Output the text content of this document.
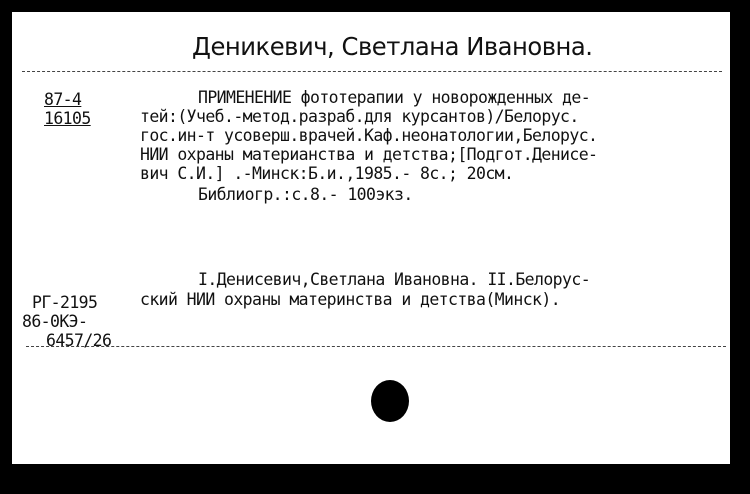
Деникевич, Светлана Ивановна.
87-4
16105
ПРИМЕНЕНИЕ фототерапии у новорожденных де-
тей:(Учеб.-метод.разраб.для курсантов)/Белорус.
гос.ин-т усоверш.врачей.Каф.неонатологии,Белорус.
НИИ охраны материанства и детства;[Подгот.Денисе-
вич С.И.] .-Минск:Б.и.,1985.- 8с.; 20см.
Библиогр.:с.8.- 100экз.
I.Денисевич,Светлана Ивановна. II.Белорус-
ский НИИ охраны материнства и детства(Минск).
РГ-2195
86-0КЭ-
6457/26
